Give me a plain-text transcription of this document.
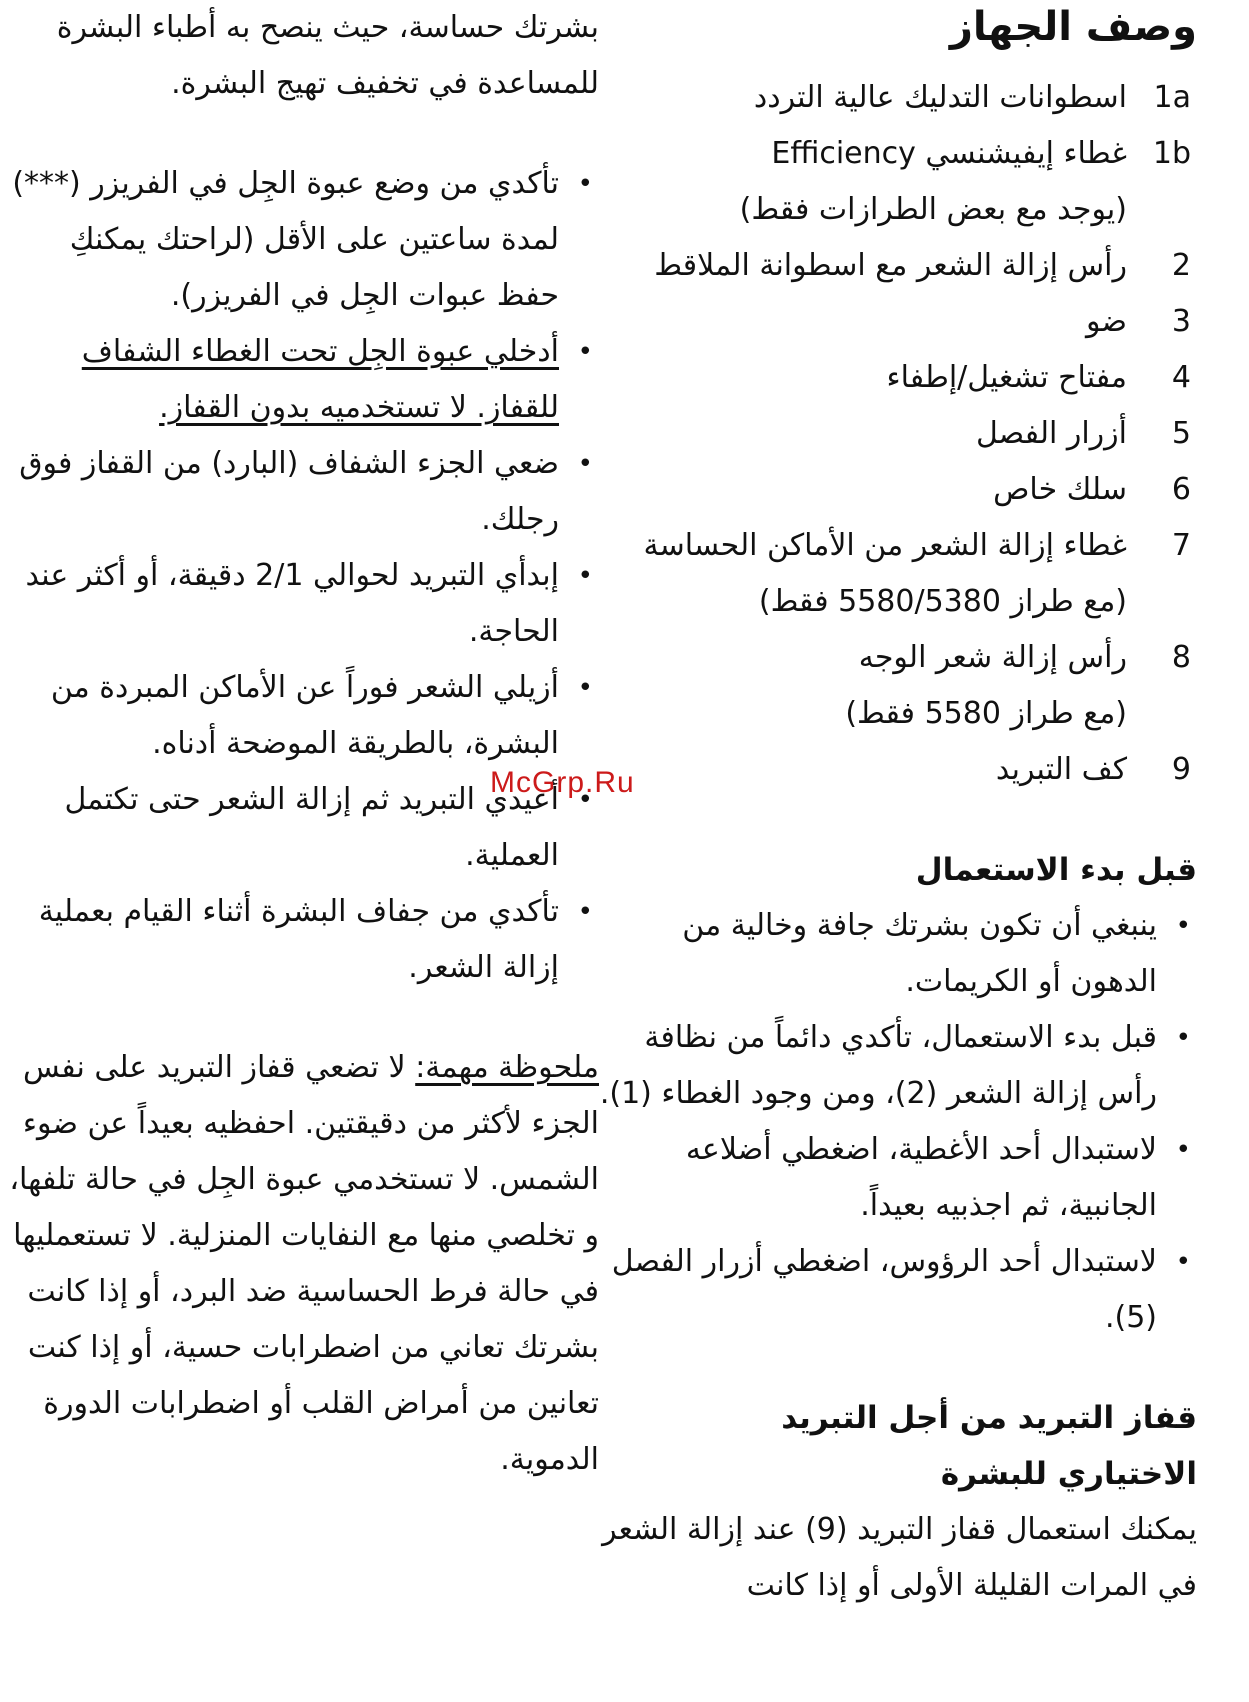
وصف الجهاز
1a
اسطوانات التدليك عالية التردد
1b
غطاء إيفيشنسي Efficiency
(يوجد مع بعض الطرازات فقط)
2
رأس إزالة الشعر مع اسطوانة الملاقط
3
ضو
4
مفتاح تشغيل/إطفاء
5
أزرار الفصل
6
سلك خاص
7
غطاء إزالة الشعر من الأماكن الحساسة
(مع طراز 5580/5380 فقط)
8
رأس إزالة شعر الوجه
(مع طراز 5580 فقط)
9
كف التبريد
قبل بدء الاستعمال
• ينبغي أن تكون بشرتك جافة وخالية من الدهون أو الكريمات.
• قبل بدء الاستعمال، تأكدي دائماً من نظافة رأس إزالة الشعر (2)، ومن وجود الغطاء (1).
• لاستبدال أحد الأغطية، اضغطي أضلاعه الجانبية، ثم اجذبيه بعيداً.
• لاستبدال أحد الرؤوس، اضغطي أزرار الفصل (5).
قفاز التبريد من أجل التبريد
الاختياري للبشرة

يمكنك استعمال قفاز التبريد (9) عند إزالة الشعر في المرات القليلة الأولى أو إذا كانت

بشرتك حساسة، حيث ينصح به أطباء البشرة للمساعدة في تخفيف تهيج البشرة.

• تأكدي من وضع عبوة الجِل في الفريزر (***) لمدة ساعتين على الأقل (لراحتك يمكنكِ حفظ عبوات الجِل في الفريزر).
• أدخلي عبوة الجِل تحت الغطاء الشفاف للقفاز. لا تستخدميه بدون القفاز.
• ضعي الجزء الشفاف (البارد) من القفاز فوق رجلك.
• إبدأي التبريد لحوالي 2/1 دقيقة، أو أكثر عند الحاجة.
• أزيلي الشعر فوراً عن الأماكن المبردة من البشرة، بالطريقة الموضحة أدناه.
• أعيدي التبريد ثم إزالة الشعر حتى تكتمل العملية.
• تأكدي من جفاف البشرة أثناء القيام بعملية إزالة الشعر.

ملحوظة مهمة: لا تضعي قفاز التبريد على نفس الجزء لأكثر من دقيقتين. احفظيه بعيداً عن ضوء الشمس. لا تستخدمي عبوة الجِل في حالة تلفها، و تخلصي منها مع النفايات المنزلية. لا تستعمليها في حالة فرط الحساسية ضد البرد، أو إذا كانت بشرتك تعاني من اضطرابات حسية، أو إذا كنت تعانين من أمراض القلب أو اضطرابات الدورة الدموية.

McGrp.Ru
